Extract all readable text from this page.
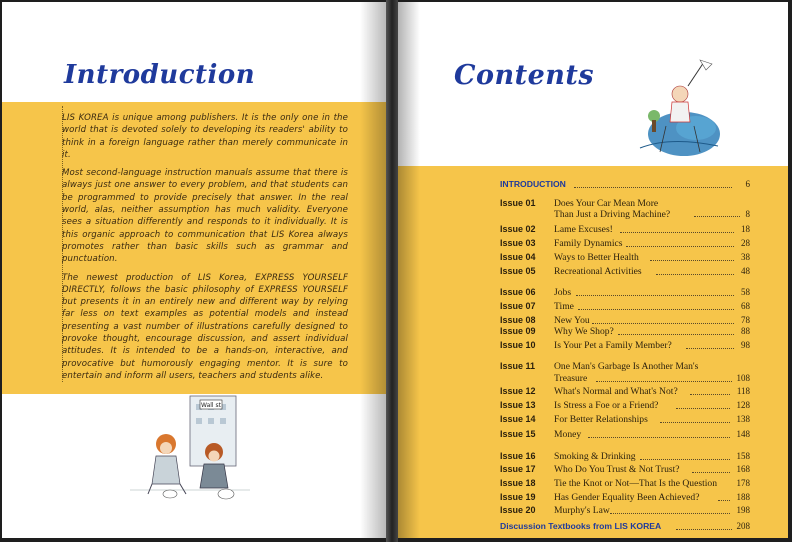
Introduction

LIS KOREA is unique among publishers. It is the only one in the world that is devoted solely to developing its readers' ability to think in a foreign language rather than merely communicate in it.

Most second-language instruction manuals assume that there is always just one answer to every problem, and that students can be programmed to provide precisely that answer. In the real world, alas, neither assumption has much validity. Everyone sees a situation differently and responds to it individually. It is this organic approach to communication that LIS Korea always promotes rather than basic skills such as grammar and punctuation.

The newest production of LIS Korea, EXPRESS YOURSELF DIRECTLY, follows the basic philosophy of EXPRESS YOURSELF but presents it in an entirely new and different way by relying far less on text examples as potential models and instead presenting a vast number of illustrations carefully designed to provoke thought, encourage discussion, and assert individual attitudes. It is intended to be a hands-on, interactive, and provocative but humorously engaging mentor. It is sure to entertain and inform all users, teachers and students alike.

Wall st
Contents
INTRODUCTION	6
Issue 01	Does Your Car Mean More
Than Just a Driving Machine?	8
Issue 02	Lame Excuses!	18
Issue 03	Family Dynamics	28
Issue 04	Ways to Better Health	38
Issue 05	Recreational Activities	48
Issue 06	Jobs	58
Issue 07	Time	68
Issue 08	New You	78
Issue 09	Why We Shop?	88
Issue 10	Is Your Pet a Family Member?	98
Issue 11	One Man's Garbage Is Another Man's
Treasure	108
Issue 12	What's Normal and What's Not?	118
Issue 13	Is Stress a Foe or a Friend?	128
Issue 14	For Better Relationships	138
Issue 15	Money	148
Issue 16	Smoking & Drinking	158
Issue 17	Who Do You Trust & Not Trust?	168
Issue 18	Tie the Knot or Not—That Is the Question 178
Issue 19	Has Gender Equality Been Achieved?	188
Issue 20	Murphy's Law	198
Discussion Textbooks from LIS KOREA	208
